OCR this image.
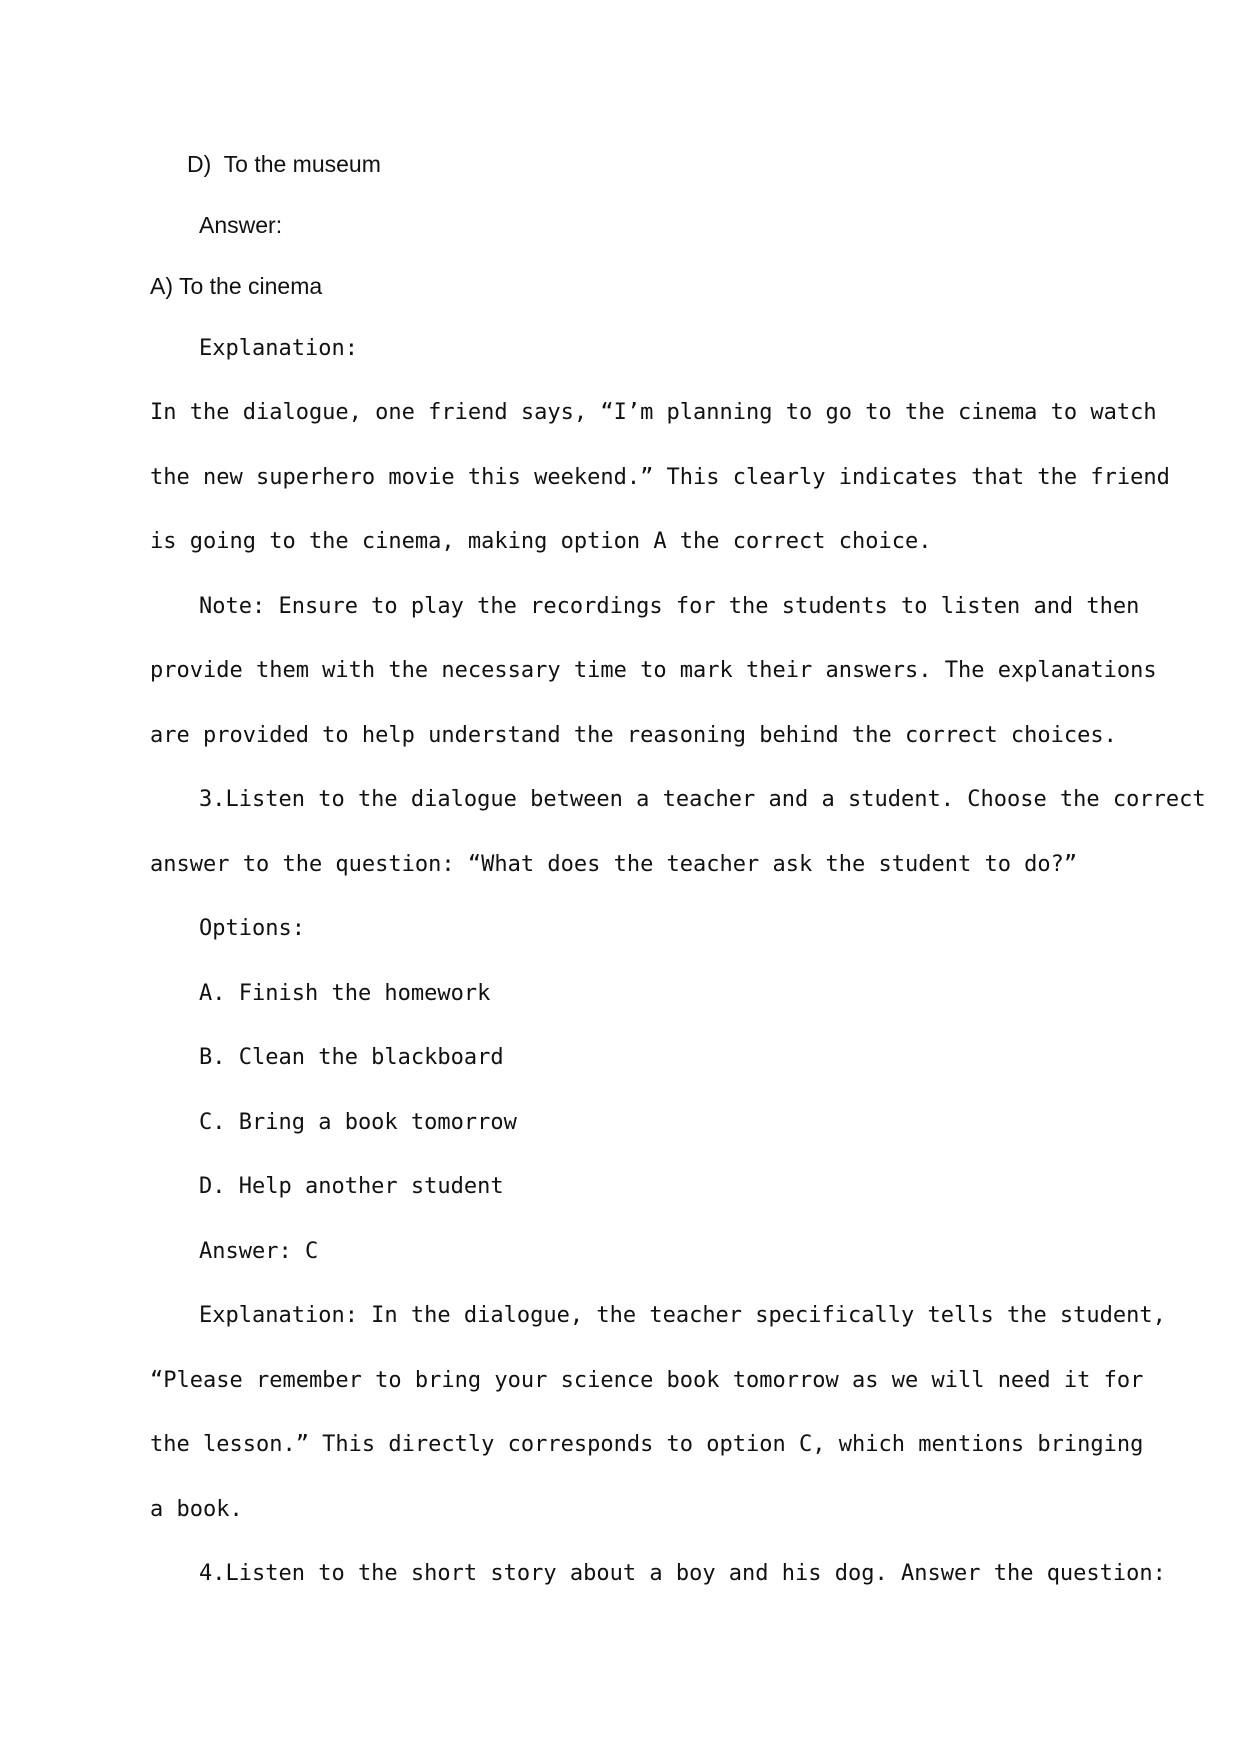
D)  To the museum

Answer:

A) To the cinema

Explanation:

In the dialogue, one friend says, “I’m planning to go to the cinema to watch

the new superhero movie this weekend.” This clearly indicates that the friend

is going to the cinema, making option A the correct choice.

Note: Ensure to play the recordings for the students to listen and then

provide them with the necessary time to mark their answers. The explanations

are provided to help understand the reasoning behind the correct choices.

3.Listen to the dialogue between a teacher and a student. Choose the correct

answer to the question: “What does the teacher ask the student to do?”

Options:

A. Finish the homework

B. Clean the blackboard

C. Bring a book tomorrow

D. Help another student

Answer: C

Explanation: In the dialogue, the teacher specifically tells the student,

“Please remember to bring your science book tomorrow as we will need it for

the lesson.” This directly corresponds to option C, which mentions bringing

a book.

4.Listen to the short story about a boy and his dog. Answer the question:
